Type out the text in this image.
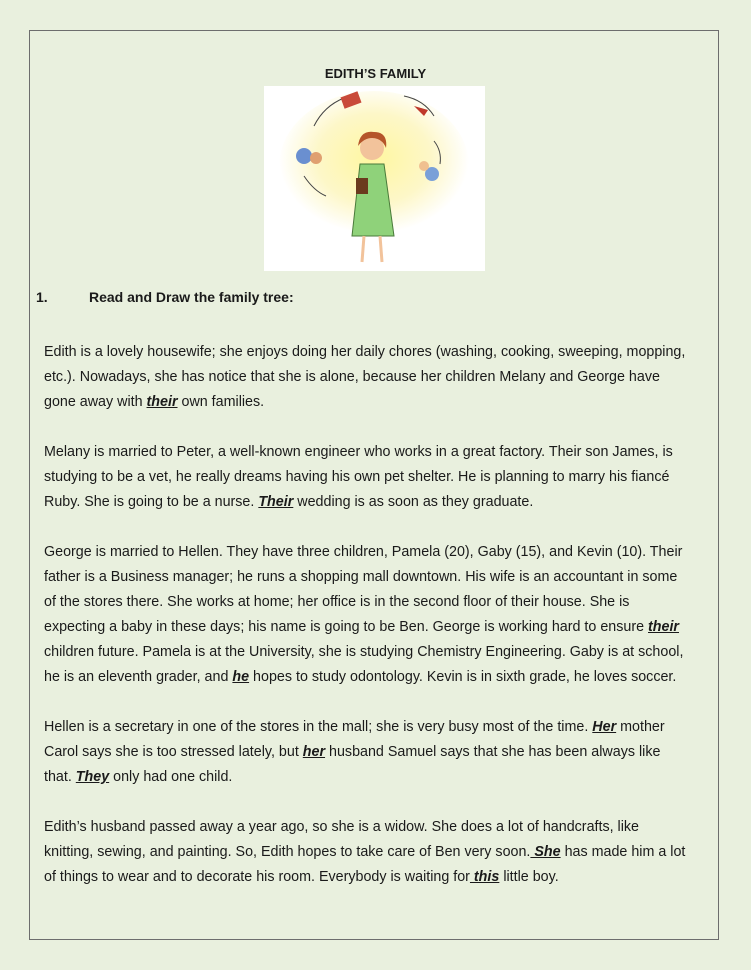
EDITH’S FAMILY
1.	Read and Draw the family tree:
Edith is a lovely housewife; she enjoys doing her daily chores (washing, cooking, sweeping, mopping,
etc.). Nowadays, she has notice that she is alone, because her children Melany and George have
gone away with their own families.
Melany is married to Peter, a well-known engineer who works in a great factory. Their son James, is
studying to be a vet, he really dreams having his own pet shelter. He is planning to marry his fiancé
Ruby. She is going to be a nurse. Their wedding is as soon as they graduate.
George is married to Hellen. They have three children, Pamela (20), Gaby (15), and Kevin (10). Their
father is a Business manager; he runs a shopping mall downtown. His wife is an accountant in some
of the stores there. She works at home; her office is in the second floor of their house. She is
expecting a baby in these days; his name is going to be Ben. George is working hard to ensure their
children future. Pamela is at the University, she is studying Chemistry Engineering. Gaby is at school,
he is an eleventh grader, and he hopes to study odontology. Kevin is in sixth grade, he loves soccer.
Hellen is a secretary in one of the stores in the mall; she is very busy most of the time. Her mother
Carol says she is too stressed lately, but her husband Samuel says that she has been always like
that. They only had one child.
Edith’s husband passed away a year ago, so she is a widow. She does a lot of handcrafts, like
knitting, sewing, and painting. So, Edith hopes to take care of Ben very soon. She has made him a lot
of things to wear and to decorate his room. Everybody is waiting for this little boy.
